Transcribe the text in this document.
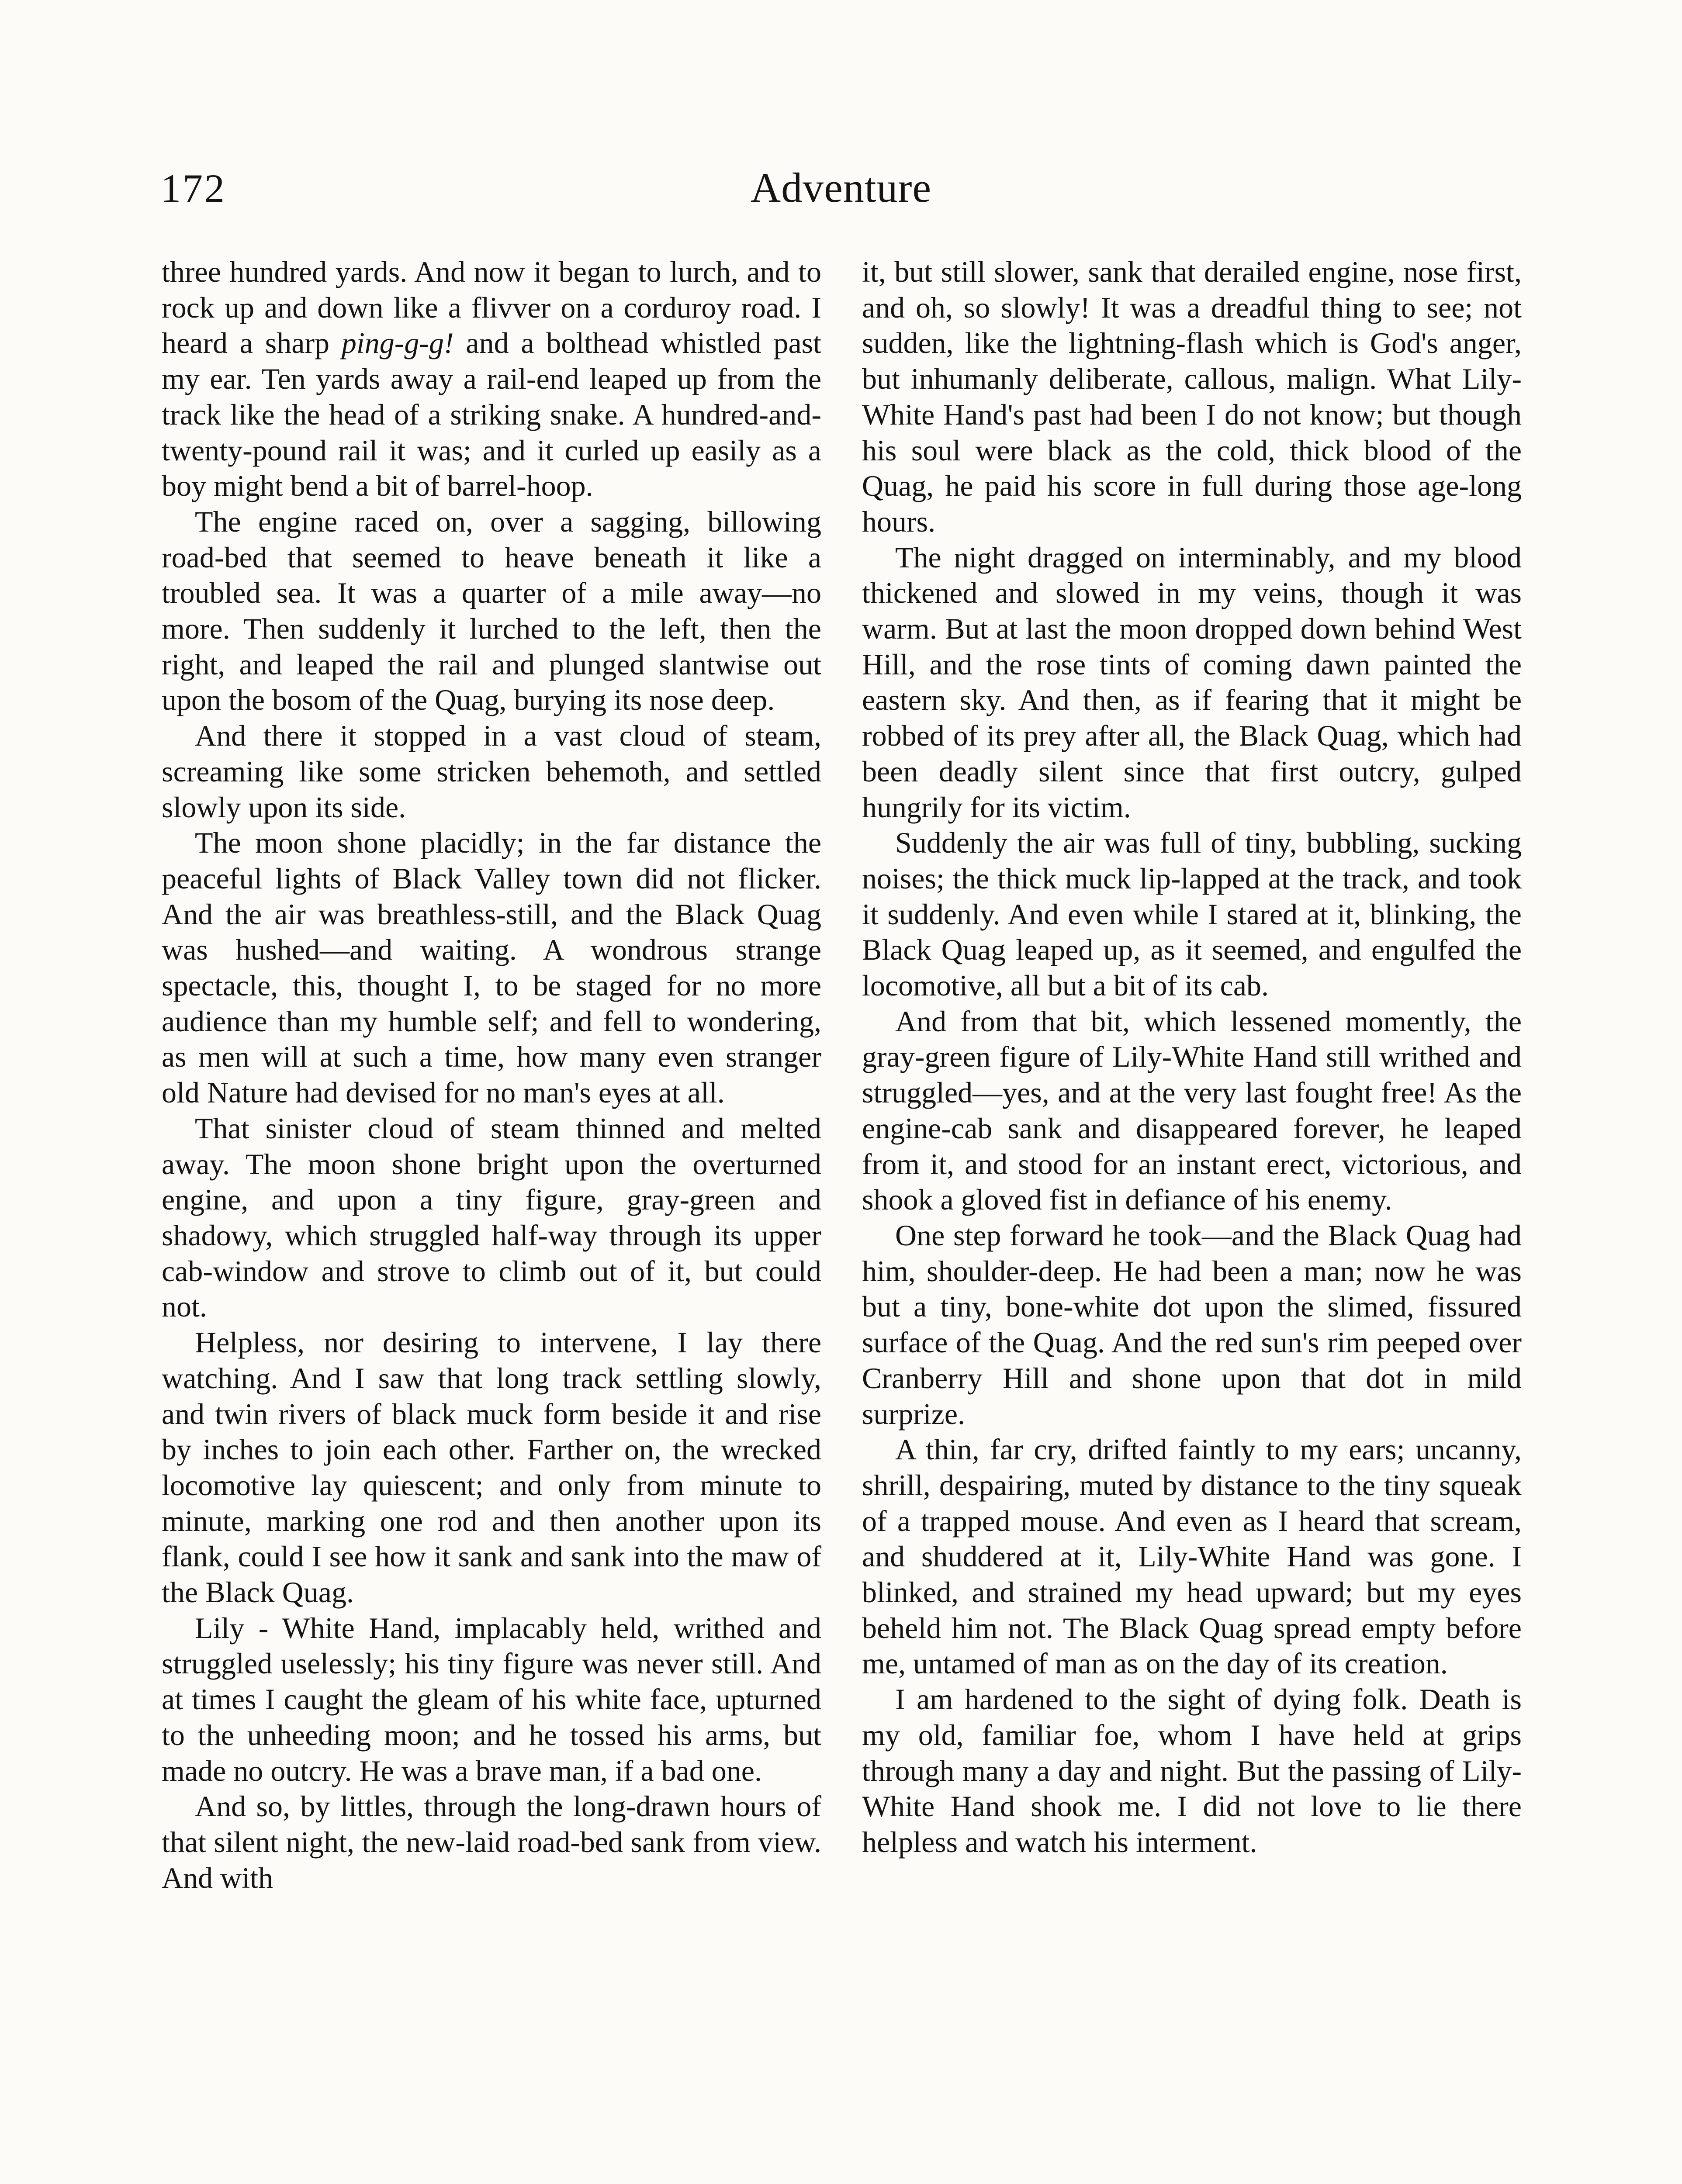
172	Adventure

three hundred yards. And now it began to lurch, and to rock up and down like a flivver on a corduroy road. I heard a sharp ping-g-g! and a bolthead whistled past my ear. Ten yards away a rail-end leaped up from the track like the head of a striking snake. A hundred-and-twenty-pound rail it was; and it curled up easily as a boy might bend a bit of barrel-hoop.

The engine raced on, over a sagging, billowing road-bed that seemed to heave beneath it like a troubled sea. It was a quarter of a mile away—no more. Then suddenly it lurched to the left, then the right, and leaped the rail and plunged slantwise out upon the bosom of the Quag, burying its nose deep.

And there it stopped in a vast cloud of steam, screaming like some stricken behemoth, and settled slowly upon its side.

The moon shone placidly; in the far distance the peaceful lights of Black Valley town did not flicker. And the air was breathless-still, and the Black Quag was hushed—and waiting. A wondrous strange spectacle, this, thought I, to be staged for no more audience than my humble self; and fell to wondering, as men will at such a time, how many even stranger old Nature had devised for no man's eyes at all.

That sinister cloud of steam thinned and melted away. The moon shone bright upon the overturned engine, and upon a tiny figure, gray-green and shadowy, which struggled half-way through its upper cab-window and strove to climb out of it, but could not.

Helpless, nor desiring to intervene, I lay there watching. And I saw that long track settling slowly, and twin rivers of black muck form beside it and rise by inches to join each other. Farther on, the wrecked locomotive lay quiescent; and only from minute to minute, marking one rod and then another upon its flank, could I see how it sank and sank into the maw of the Black Quag.

Lily - White Hand, implacably held, writhed and struggled uselessly; his tiny figure was never still. And at times I caught the gleam of his white face, upturned to the unheeding moon; and he tossed his arms, but made no outcry. He was a brave man, if a bad one.

And so, by littles, through the long-drawn hours of that silent night, the new-laid road-bed sank from view. And with

it, but still slower, sank that derailed engine, nose first, and oh, so slowly! It was a dreadful thing to see; not sudden, like the lightning-flash which is God's anger, but inhumanly deliberate, callous, malign. What Lily-White Hand's past had been I do not know; but though his soul were black as the cold, thick blood of the Quag, he paid his score in full during those age-long hours.

The night dragged on interminably, and my blood thickened and slowed in my veins, though it was warm. But at last the moon dropped down behind West Hill, and the rose tints of coming dawn painted the eastern sky. And then, as if fearing that it might be robbed of its prey after all, the Black Quag, which had been deadly silent since that first outcry, gulped hungrily for its victim.

Suddenly the air was full of tiny, bubbling, sucking noises; the thick muck lip-lapped at the track, and took it suddenly. And even while I stared at it, blinking, the Black Quag leaped up, as it seemed, and engulfed the locomotive, all but a bit of its cab.

And from that bit, which lessened momently, the gray-green figure of Lily-White Hand still writhed and struggled—yes, and at the very last fought free! As the engine-cab sank and disappeared forever, he leaped from it, and stood for an instant erect, victorious, and shook a gloved fist in defiance of his enemy.

One step forward he took—and the Black Quag had him, shoulder-deep. He had been a man; now he was but a tiny, bone-white dot upon the slimed, fissured surface of the Quag. And the red sun's rim peeped over Cranberry Hill and shone upon that dot in mild surprize.

A thin, far cry, drifted faintly to my ears; uncanny, shrill, despairing, muted by distance to the tiny squeak of a trapped mouse. And even as I heard that scream, and shuddered at it, Lily-White Hand was gone. I blinked, and strained my head upward; but my eyes beheld him not. The Black Quag spread empty before me, untamed of man as on the day of its creation.

I am hardened to the sight of dying folk. Death is my old, familiar foe, whom I have held at grips through many a day and night. But the passing of Lily-White Hand shook me. I did not love to lie there helpless and watch his interment.
